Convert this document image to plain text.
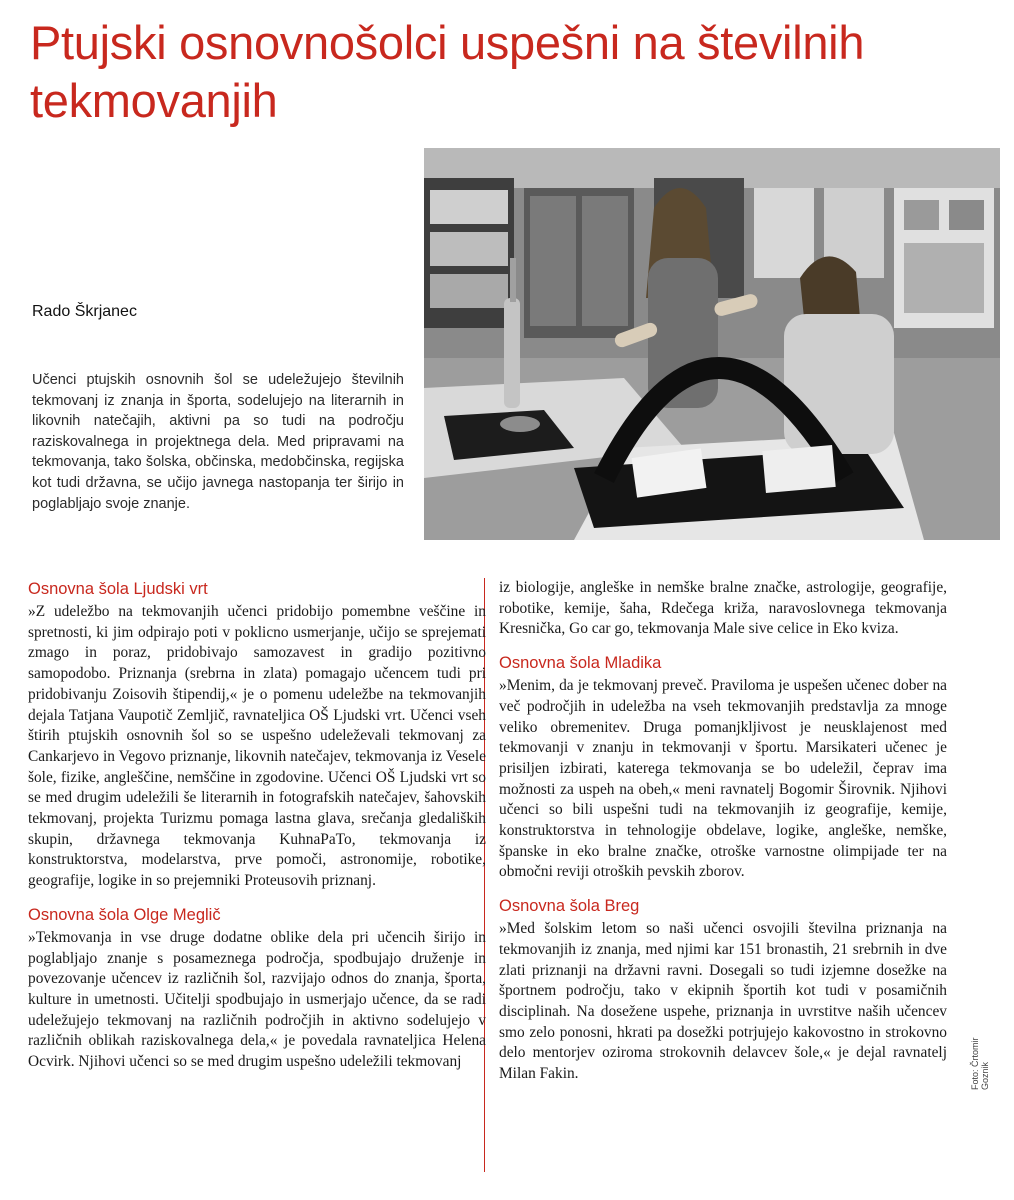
Ptujski osnovnošolci uspešni na številnih tekmovanjih
Rado Škrjanec

Učenci ptujskih osnovnih šol se udeležujejo številnih tekmovanj iz znanja in športa, sodelujejo na literarnih in likovnih natečajih, aktivni pa so tudi na področju raziskovalnega in projektnega dela. Med pripravami na tekmovanja, tako šolska, občinska, medobčinska, regijska kot tudi državna, se učijo javnega nastopanja ter širijo in poglabljajo svoje znanje.

Osnovna šola Ljudski vrt

»Z udeležbo na tekmovanjih učenci pridobijo pomembne veščine in spretnosti, ki jim odpirajo poti v poklicno usmerjanje, učijo se sprejemati zmago in poraz, pridobivajo samozavest in gradijo pozitivno samopodobo. Priznanja (srebrna in zlata) pomagajo učencem tudi pri pridobivanju Zoisovih štipendij,« je o pomenu udeležbe na tekmovanjih dejala Tatjana Vaupotič Zemljič, ravnateljica OŠ Ljudski vrt. Učenci vseh štirih ptujskih osnovnih šol so se uspešno udeleževali tekmovanj za Cankarjevo in Vegovo priznanje, likovnih natečajev, tekmovanja iz Vesele šole, fizike, angleščine, nemščine in zgodovine. Učenci OŠ Ljudski vrt so se med drugim udeležili še literarnih in fotografskih natečajev, šahovskih tekmovanj, projekta Turizmu pomaga lastna glava, srečanja gledaliških skupin, državnega tekmovanja KuhnaPaTo, tekmovanja iz konstruktorstva, modelarstva, prve pomoči, astronomije, robotike, geografije, logike in so prejemniki Proteusovih priznanj.

Osnovna šola Olge Meglič

»Tekmovanja in vse druge dodatne oblike dela pri učencih širijo in poglabljajo znanje s posameznega področja, spodbujajo druženje in povezovanje učencev iz različnih šol, razvijajo odnos do znanja, športa, kulture in umetnosti. Učitelji spodbujajo in usmerjajo učence, da se radi udeležujejo tekmovanj na različnih področjih in aktivno sodelujejo v različnih oblikah raziskovalnega dela,« je povedala ravnateljica Helena Ocvirk. Njihovi učenci so se med drugim uspešno udeležili tekmovanj

iz biologije, angleške in nemške bralne značke, astrologije, geografije, robotike, kemije, šaha, Rdečega križa, naravoslovnega tekmovanja Kresnička, Go car go, tekmovanja Male sive celice in Eko kviza.

Osnovna šola Mladika

»Menim, da je tekmovanj preveč. Praviloma je uspešen učenec dober na več področjih in udeležba na vseh tekmovanjih predstavlja za mnoge veliko obremenitev. Druga pomanjkljivost je neusklajenost med tekmovanji v znanju in tekmovanji v športu. Marsikateri učenec je prisiljen izbirati, katerega tekmovanja se bo udeležil, čeprav ima možnosti za uspeh na obeh,« meni ravnatelj Bogomir Širovnik. Njihovi učenci so bili uspešni tudi na tekmovanjih iz geografije, kemije, konstruktorstva in tehnologije obdelave, logike, angleške, nemške, španske in eko bralne značke, otroške varnostne olimpijade ter na območni reviji otroških pevskih zborov.

Osnovna šola Breg

»Med šolskim letom so naši učenci osvojili številna priznanja na tekmovanjih iz znanja, med njimi kar 151 bronastih, 21 srebrnih in dve zlati priznanji na državni ravni. Dosegali so tudi izjemne dosežke na športnem področju, tako v ekipnih športih kot tudi v posamičnih disciplinah. Na dosežene uspehe, priznanja in uvrstitve naših učencev smo zelo ponosni, hkrati pa dosežki potrjujejo kakovostno in strokovno delo mentorjev oziroma strokovnih delavcev šole,« je dejal ravnatelj Milan Fakin.	Foto: Črtomir Goznik
